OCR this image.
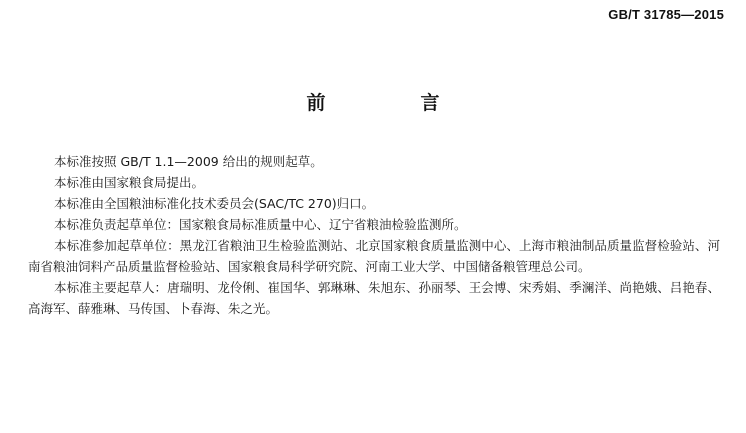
GB/T 31785—2015
前　言

本标准按照 GB/T 1.1—2009 给出的规则起草。

本标准由国家粮食局提出。

本标准由全国粮油标准化技术委员会(SAC/TC 270)归口。

本标准负责起草单位：国家粮食局标准质量中心、辽宁省粮油检验监测所。

本标准参加起草单位：黑龙江省粮油卫生检验监测站、北京国家粮食质量监测中心、上海市粮油制品质量监督检验站、河南省粮油饲料产品质量监督检验站、国家粮食局科学研究院、河南工业大学、中国储备粮管理总公司。

本标准主要起草人：唐瑞明、龙伶俐、崔国华、郭琳琳、朱旭东、孙丽琴、王会博、宋秀娟、季澜洋、尚艳娥、吕艳春、高海军、薛雅琳、马传国、卜春海、朱之光。
